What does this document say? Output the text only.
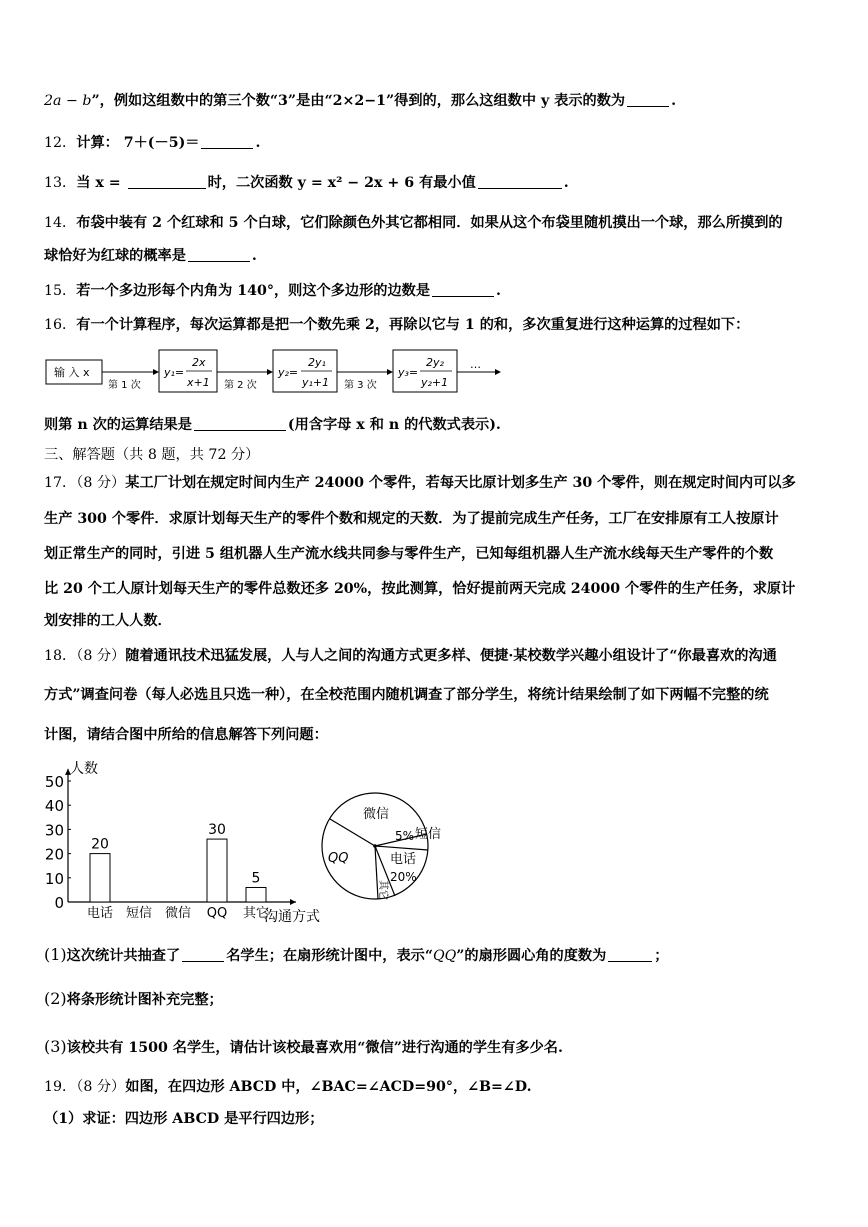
2a − b”，例如这组数中的第三个数“3”是由“2×2−1”得到的，那么这组数中 y 表示的数为	.
12．计算： 7＋(－5)＝	.
13．当 x =	时，二次函数 y = x² − 2x + 6 有最小值	.
14．布袋中装有 2 个红球和 5 个白球，它们除颜色外其它都相同．如果从这个布袋里随机摸出一个球，那么所摸到的
球恰好为红球的概率是	.
15．若一个多边形每个内角为 140°，则这个多边形的边数是	.
16．有一个计算程序，每次运算都是把一个数先乘 2，再除以它与 1 的和，多次重复进行这种运算的过程如下：
输 入 x
第 1 次
y₁=
2x
x+1 第 2 次
y₂=
2y₁
y₁+1 第 3 次
y₃=
2y₂
y₂+1
…
则第 n 次的运算结果是	(用含字母 x 和 n 的代数式表示).
三、解答题（共 8 题，共 72 分）
17．（8 分）某工厂计划在规定时间内生产 24000 个零件，若每天比原计划多生产 30 个零件，则在规定时间内可以多
生产 300 个零件．求原计划每天生产的零件个数和规定的天数．为了提前完成生产任务，工厂在安排原有工人按原计
划正常生产的同时，引进 5 组机器人生产流水线共同参与零件生产，已知每组机器人生产流水线每天生产零件的个数
比 20 个工人原计划每天生产的零件总数还多 20%，按此测算，恰好提前两天完成 24000 个零件的生产任务，求原计
划安排的工人人数．
18．（8 分）随着通讯技术迅猛发展，人与人之间的沟通方式更多样、便捷·某校数学兴趣小组设计了“你最喜欢的沟通
方式”调查问卷（每人必选且只选一种），在全校范围内随机调查了部分学生，将统计结果绘制了如下两幅不完整的统
计图，请结合图中所给的信息解答下列问题：
人数
0
10
20
30
40
50
电话
20
短信 微信 QQ
30
其它
5
沟通方式
微信
短信
5%
电话
20%
其它
QQ
(1)这次统计共抽查了	名学生；在扇形统计图中，表示“QQ”的扇形圆心角的度数为	；
(2)将条形统计图补充完整；
(3)该校共有 1500 名学生，请估计该校最喜欢用“微信”进行沟通的学生有多少名.
19．（8 分）如图，在四边形 ABCD 中，∠BAC=∠ACD=90°，∠B=∠D.
（1）求证：四边形 ABCD 是平行四边形；
